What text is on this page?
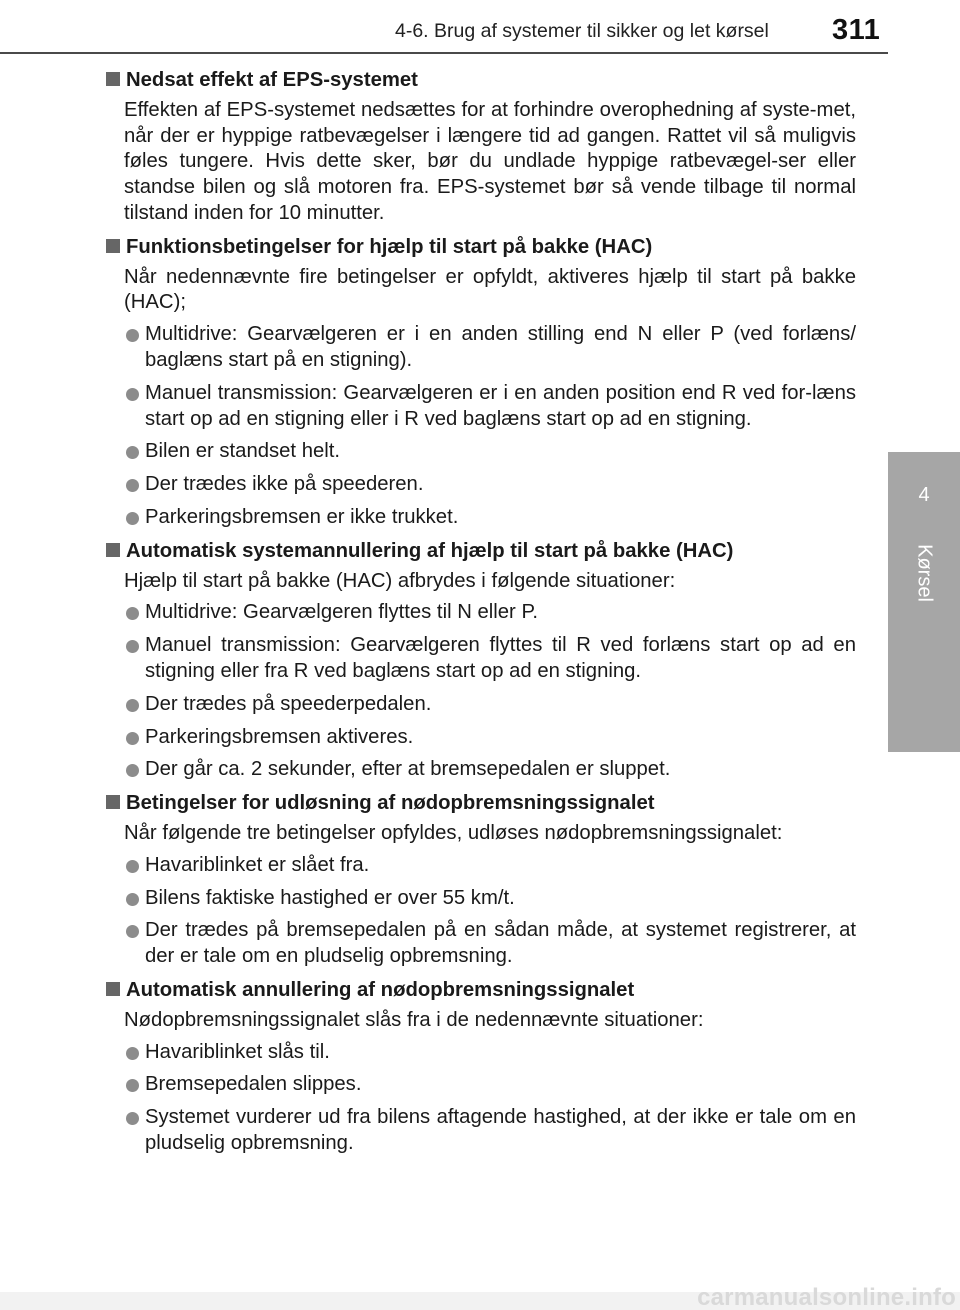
4-6. Brug af systemer til sikker og let kørsel 311
4
Kørsel
Nedsat effekt af EPS-systemet
Effekten af EPS-systemet nedsættes for at forhindre overophedning af syste-met, når der er hyppige ratbevægelser i længere tid ad gangen. Rattet vil så muligvis føles tungere. Hvis dette sker, bør du undlade hyppige ratbevægel-ser eller standse bilen og slå motoren fra. EPS-systemet bør så vende tilbage til normal tilstand inden for 10 minutter.
Funktionsbetingelser for hjælp til start på bakke (HAC)
Når nedennævnte fire betingelser er opfyldt, aktiveres hjælp til start på bakke (HAC);
Multidrive: Gearvælgeren er i en anden stilling end N eller P (ved forlæns/ baglæns start på en stigning).
Manuel transmission: Gearvælgeren er i en anden position end R ved for-læns start op ad en stigning eller i R ved baglæns start op ad en stigning.
Bilen er standset helt.
Der trædes ikke på speederen.
Parkeringsbremsen er ikke trukket.
Automatisk systemannullering af hjælp til start på bakke (HAC)
Hjælp til start på bakke (HAC) afbrydes i følgende situationer:
Multidrive: Gearvælgeren flyttes til N eller P.
Manuel transmission: Gearvælgeren flyttes til R ved forlæns start op ad en stigning eller fra R ved baglæns start op ad en stigning.
Der trædes på speederpedalen.
Parkeringsbremsen aktiveres.
Der går ca. 2 sekunder, efter at bremsepedalen er sluppet.
Betingelser for udløsning af nødopbremsningssignalet
Når følgende tre betingelser opfyldes, udløses nødopbremsningssignalet:
Havariblinket er slået fra.
Bilens faktiske hastighed er over 55 km/t.
Der trædes på bremsepedalen på en sådan måde, at systemet registrerer, at der er tale om en pludselig opbremsning.
Automatisk annullering af nødopbremsningssignalet
Nødopbremsningssignalet slås fra i de nedennævnte situationer:
Havariblinket slås til.
Bremsepedalen slippes.
Systemet vurderer ud fra bilens aftagende hastighed, at der ikke er tale om en pludselig opbremsning.
carmanualsonline.info
